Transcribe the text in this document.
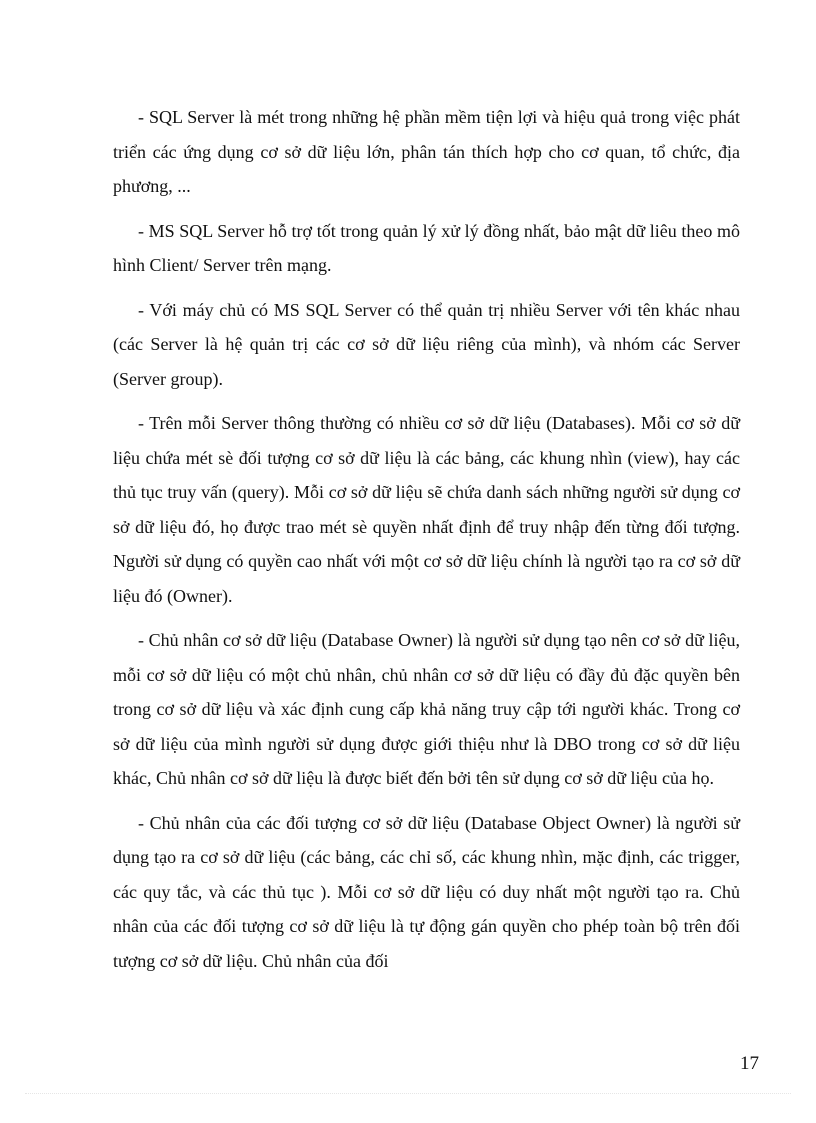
- SQL Server là mét trong những hệ phần mềm tiện lợi và hiệu quả trong việc phát triển các ứng dụng cơ sở dữ liệu lớn, phân tán thích hợp cho cơ quan, tổ chức, địa phương, ...

- MS SQL Server hỗ trợ tốt trong quản lý xử lý đồng nhất, bảo mật dữ liêu theo mô hình Client/ Server trên mạng.

- Với máy chủ có MS SQL Server có thể quản trị nhiều Server với tên khác nhau (các Server là hệ quản trị các cơ sở dữ liệu riêng của mình), và nhóm các Server (Server group).

- Trên mỗi Server thông thường có nhiều cơ sở dữ liệu (Databases). Mỗi cơ sở dữ liệu chứa mét sè đối tượng cơ sở dữ liệu là các bảng, các khung nhìn (view), hay các thủ tục truy vấn (query). Mỗi cơ sở dữ liệu sẽ chứa danh sách những người sử dụng cơ sở dữ liệu đó, họ được trao mét sè quyền nhất định để truy nhập đến từng đối tượng. Người sử dụng có quyền cao nhất với một cơ sở dữ liệu chính là người tạo ra cơ sở dữ liệu đó (Owner).

- Chủ nhân cơ sở dữ liệu (Database Owner) là người sử dụng tạo nên cơ sở dữ liệu, mỗi cơ sở dữ liệu có một chủ nhân, chủ nhân cơ sở dữ liệu có đầy đủ đặc quyền bên trong cơ sở dữ liệu và xác định cung cấp khả năng truy cập tới người khác. Trong cơ sở dữ liệu của mình người sử dụng được giới thiệu như là DBO trong cơ sở dữ liệu khác, Chủ nhân cơ sở dữ liệu là được biết đến bởi tên sử dụng cơ sở dữ liệu của họ.

- Chủ nhân của các đối tượng cơ sở dữ liệu (Database Object Owner) là người sử dụng tạo ra cơ sở dữ liệu (các bảng, các chỉ số, các khung nhìn, mặc định, các trigger, các quy tắc, và các thủ tục ). Mỗi cơ sở dữ liệu có duy nhất một người tạo ra. Chủ nhân của các đối tượng cơ sở dữ liệu là tự động gán quyền cho phép toàn bộ trên đối tượng cơ sở dữ liệu. Chủ nhân của đối

17
